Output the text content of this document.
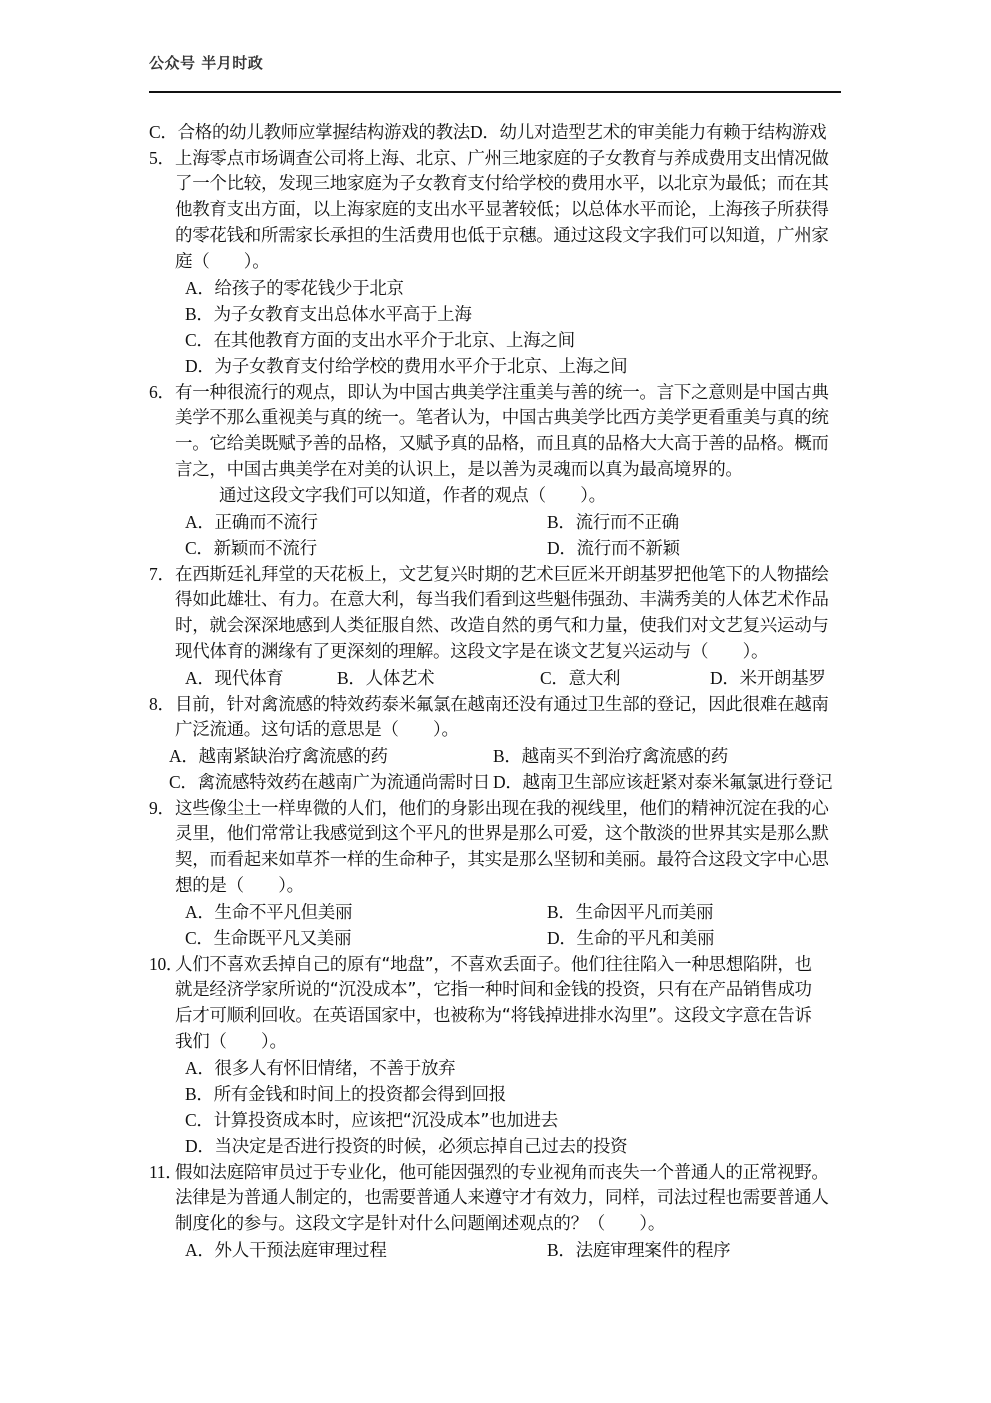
公众号 半月时政
C．合格的幼儿教师应掌握结构游戏的教法D．幼儿对造型艺术的审美能力有赖于结构游戏
5．上海零点市场调查公司将上海、北京、广州三地家庭的子女教育与养成费用支出情况做
了一个比较，发现三地家庭为子女教育支付给学校的费用水平，以北京为最低；而在其
他教育支出方面，以上海家庭的支出水平显著较低；以总体水平而论，上海孩子所获得
的零花钱和所需家长承担的生活费用也低于京穗。通过这段文字我们可以知道，广州家
庭（　　）。
A．给孩子的零花钱少于北京
B．为子女教育支出总体水平高于上海
C．在其他教育方面的支出水平介于北京、上海之间
D．为子女教育支付给学校的费用水平介于北京、上海之间
6．有一种很流行的观点，即认为中国古典美学注重美与善的统一。言下之意则是中国古典
美学不那么重视美与真的统一。笔者认为，中国古典美学比西方美学更看重美与真的统
一。它给美既赋予善的品格，又赋予真的品格，而且真的品格大大高于善的品格。概而
言之，中国古典美学在对美的认识上，是以善为灵魂而以真为最高境界的。
通过这段文字我们可以知道，作者的观点（　　）。
A．正确而不流行	B．流行而不正确
C．新颖而不流行	D．流行而不新颖
7．在西斯廷礼拜堂的天花板上，文艺复兴时期的艺术巨匠米开朗基罗把他笔下的人物描绘
得如此雄壮、有力。在意大利，每当我们看到这些魁伟强劲、丰满秀美的人体艺术作品
时，就会深深地感到人类征服自然、改造自然的勇气和力量，使我们对文艺复兴运动与
现代体育的渊缘有了更深刻的理解。这段文字是在谈文艺复兴运动与（　　）。
A．现代体育	B．人体艺术	C．意大利	D．米开朗基罗
8．目前，针对禽流感的特效药泰米氟氯在越南还没有通过卫生部的登记，因此很难在越南
广泛流通。这句话的意思是（　　）。
A．越南紧缺治疗禽流感的药	B．越南买不到治疗禽流感的药
C．禽流感特效药在越南广为流通尚需时日 D．越南卫生部应该赶紧对泰米氟氯进行登记
9．这些像尘土一样卑微的人们，他们的身影出现在我的视线里，他们的精神沉淀在我的心
灵里，他们常常让我感觉到这个平凡的世界是那么可爱，这个散淡的世界其实是那么默
契，而看起来如草芥一样的生命种子，其实是那么坚韧和美丽。最符合这段文字中心思
想的是（　　）。
A．生命不平凡但美丽	B．生命因平凡而美丽
C．生命既平凡又美丽	D．生命的平凡和美丽
10．人们不喜欢丢掉自己的原有“地盘”，不喜欢丢面子。他们往往陷入一种思想陷阱，也
就是经济学家所说的“沉没成本”，它指一种时间和金钱的投资，只有在产品销售成功
后才可顺利回收。在英语国家中，也被称为“将钱掉进排水沟里”。这段文字意在告诉
我们（　　）。
A．很多人有怀旧情绪，不善于放弃
B．所有金钱和时间上的投资都会得到回报
C．计算投资成本时，应该把“沉没成本”也加进去
D．当决定是否进行投资的时候，必须忘掉自己过去的投资
11．假如法庭陪审员过于专业化，他可能因强烈的专业视角而丧失一个普通人的正常视野。
法律是为普通人制定的，也需要普通人来遵守才有效力，同样，司法过程也需要普通人
制度化的参与。这段文字是针对什么问题阐述观点的？（　　）。
A．外人干预法庭审理过程	B．法庭审理案件的程序
